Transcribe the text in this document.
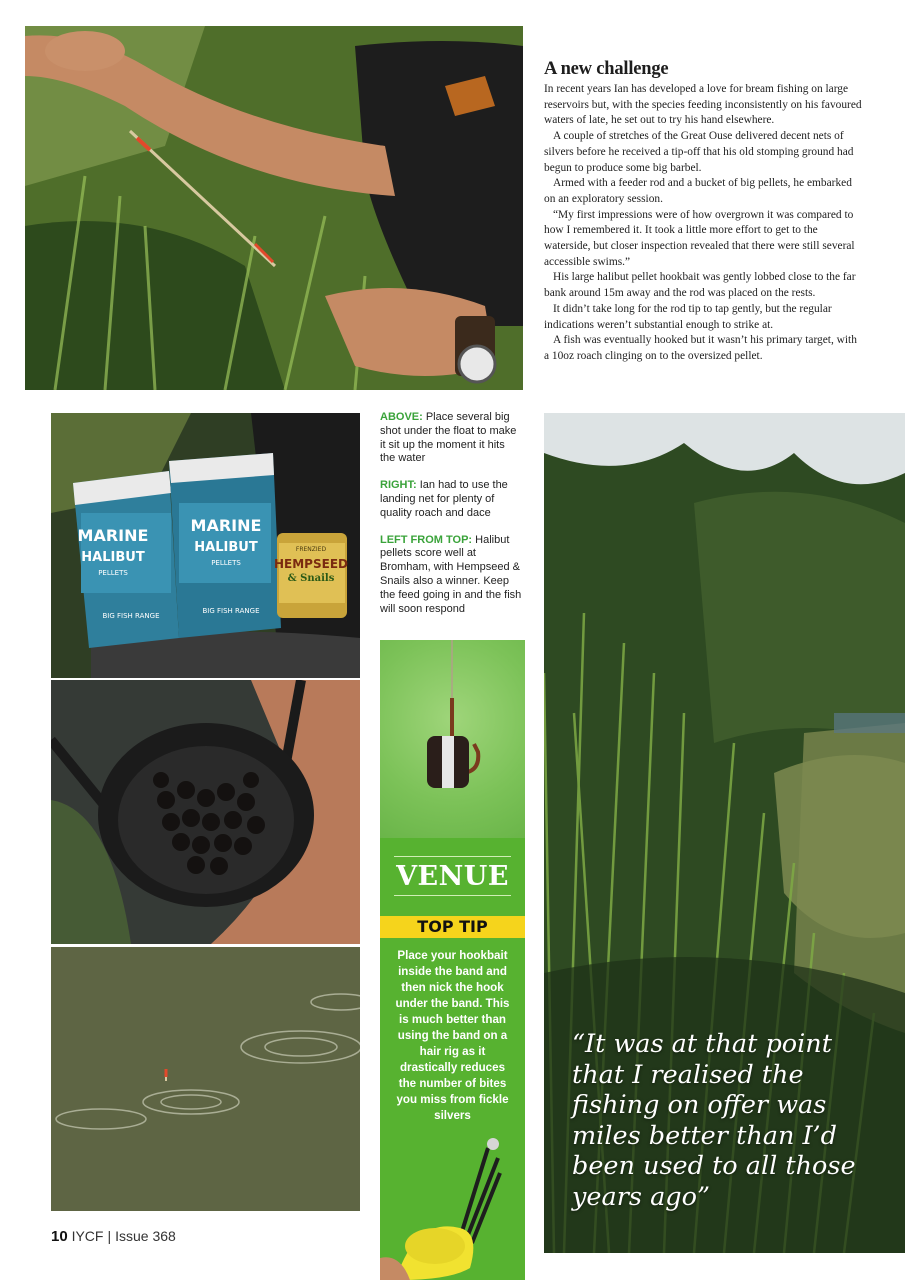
A new challenge

In recent years Ian has developed a love for bream fishing on large reservoirs but, with the species feeding inconsistently on his favoured waters of late, he set out to try his hand elsewhere.

A couple of stretches of the Great Ouse delivered decent nets of silvers before he received a tip-off that his old stomping ground had begun to produce some big barbel.

Armed with a feeder rod and a bucket of big pellets, he embarked on an exploratory session.

“My first impressions were of how overgrown it was compared to how I remembered it. It took a little more effort to get to the waterside, but closer inspection revealed that there were still several accessible swims.”

His large halibut pellet hookbait was gently lobbed close to the far bank around 15m away and the rod was placed on the rests.

It didn’t take long for the rod tip to tap gently, but the regular indications weren’t substantial enough to strike at.

A fish was eventually hooked but it wasn’t his primary target, with a 10oz roach clinging on to the oversized pellet.

MARINE
HALIBUT
PELLETS
BIG FISH RANGE
MARINE
HALIBUT
PELLETS
BIG FISH RANGE
FRENZIED
HEMPSEED
& Snails

ABOVE: Place several big shot under the float to make it sit up the moment it hits the water

RIGHT: Ian had to use the landing net for plenty of quality roach and dace

LEFT FROM TOP: Halibut pellets score well at Bromham, with Hempseed & Snails also a winner. Keep the feed going in and the fish will soon respond

VENUE
TOP TIP
Place your hookbait inside the band and then nick the hook under the band. This is much better than using the band on a hair rig as it drastically reduces the number of bites you miss from fickle silvers
“It was at that point that I realised the fishing on offer was miles better than I’d been used to all those years ago”
10 IYCF | Issue 368
